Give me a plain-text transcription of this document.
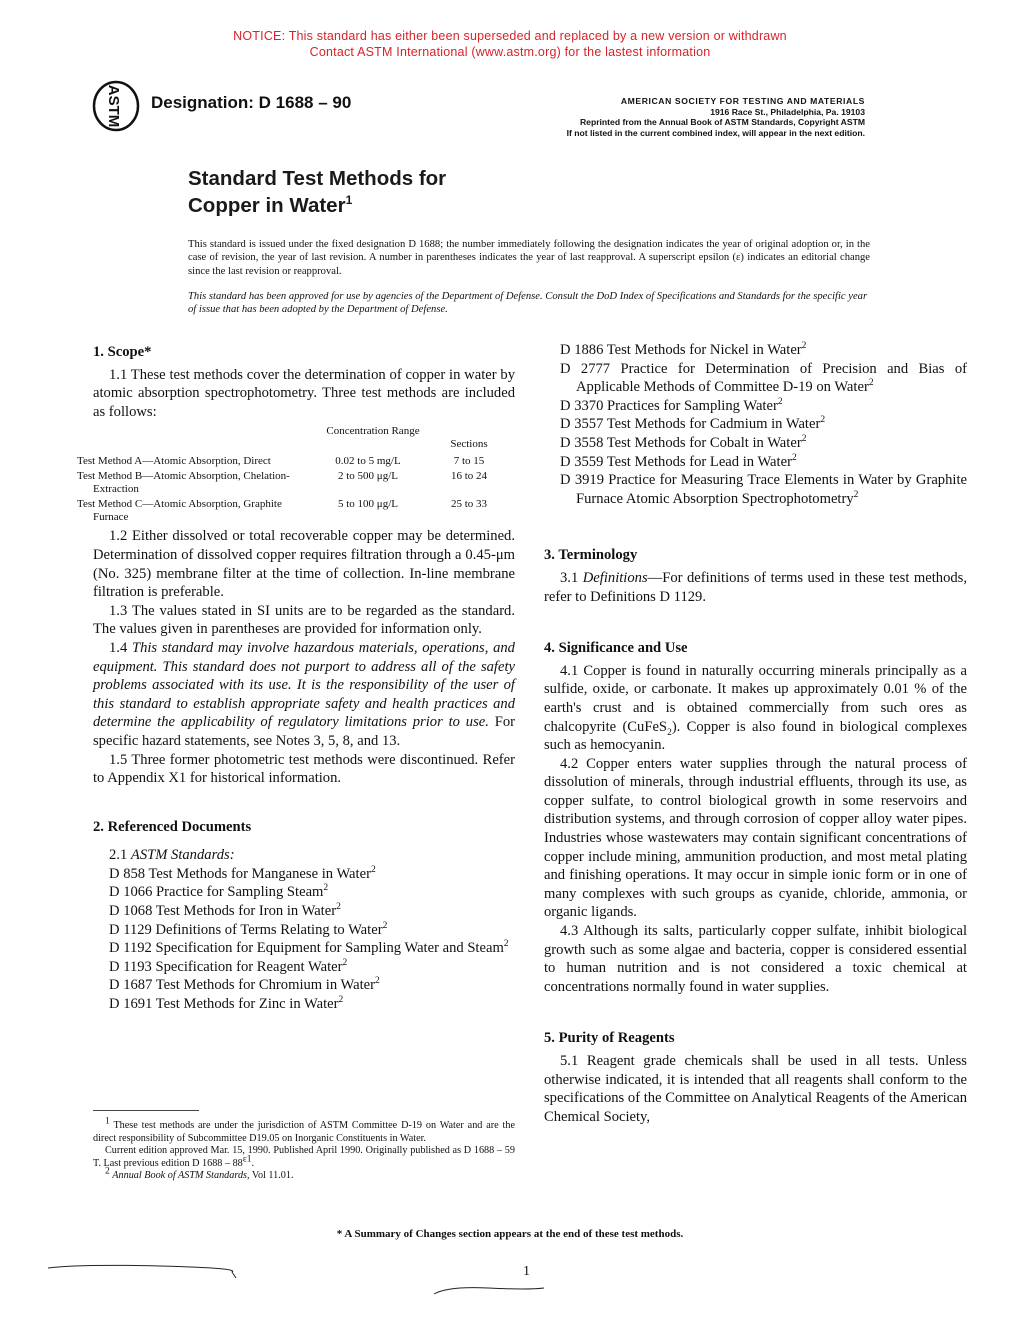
NOTICE: This standard has either been superseded and replaced by a new version or withdrawn
Contact ASTM International (www.astm.org) for the lastest information
ASTM Designation: D 1688 – 90	AMERICAN SOCIETY FOR TESTING AND MATERIALS
1916 Race St., Philadelphia, Pa. 19103
Reprinted from the Annual Book of ASTM Standards, Copyright ASTM
If not listed in the current combined index, will appear in the next edition.
Standard Test Methods for
Copper in Water$^1$
This standard is issued under the fixed designation D 1688; the number immediately following the designation indicates the year of original adoption or, in the case of revision, the year of last revision. A number in parentheses indicates the year of last reapproval. A superscript epsilon (ε) indicates an editorial change since the last revision or reapproval.
This standard has been approved for use by agencies of the Department of Defense. Consult the DoD Index of Specifications and Standards for the specific year of issue that has been adopted by the Department of Defense.
1. Scope*

1.1 These test methods cover the determination of copper in water by atomic absorption spectrophotometry. Three test methods are included as follows:

	Concentration Range	Sections
Test Method A—Atomic Absorption, Direct	0.02 to 5 mg/L	7 to 15
Test Method B—Atomic Absorption, Chelation-Extraction	2 to 500 μg/L	16 to 24
Test Method C—Atomic Absorption, Graphite Furnace	5 to 100 μg/L	25 to 33

1.2 Either dissolved or total recoverable copper may be determined. Determination of dissolved copper requires filtration through a 0.45-μm (No. 325) membrane filter at the time of collection. In-line membrane filtration is preferable.

1.3 The values stated in SI units are to be regarded as the standard. The values given in parentheses are provided for information only.

1.4 This standard may involve hazardous materials, operations, and equipment. This standard does not purport to address all of the safety problems associated with its use. It is the responsibility of the user of this standard to establish appropriate safety and health practices and determine the applicability of regulatory limitations prior to use. For specific hazard statements, see Notes 3, 5, 8, and 13.

1.5 Three former photometric test methods were discontinued. Refer to Appendix X1 for historical information.

2. Referenced Documents

2.1 ASTM Standards:

D 858 Test Methods for Manganese in Water$^2$

D 1066 Practice for Sampling Steam$^2$

D 1068 Test Methods for Iron in Water$^2$

D 1129 Definitions of Terms Relating to Water$^2$

D 1192 Specification for Equipment for Sampling Water and Steam$^2$

D 1193 Specification for Reagent Water$^2$

D 1687 Test Methods for Chromium in Water$^2$

D 1691 Test Methods for Zinc in Water$^2$

$^1$ These test methods are under the jurisdiction of ASTM Committee D-19 on Water and are the direct responsibility of Subcommittee D19.05 on Inorganic Constituents in Water.

Current edition approved Mar. 15, 1990. Published April 1990. Originally published as D 1688 – 59 T. Last previous edition D $1688 - 88^{\varepsilon 1}$.

$^2$ Annual Book of ASTM Standards, Vol 11.01.

D 1886 Test Methods for Nickel in Water$^2$

D 2777 Practice for Determination of Precision and Bias of Applicable Methods of Committee D-19 on Water$^2$

D 3370 Practices for Sampling Water$^2$

D 3557 Test Methods for Cadmium in Water$^2$

D 3558 Test Methods for Cobalt in Water$^2$

D 3559 Test Methods for Lead in Water$^2$

D 3919 Practice for Measuring Trace Elements in Water by Graphite Furnace Atomic Absorption Spectrophotometry$^2$

3. Terminology

3.1 Definitions—For definitions of terms used in these test methods, refer to Definitions D 1129.

4. Significance and Use

4.1 Copper is found in naturally occurring minerals principally as a sulfide, oxide, or carbonate. It makes up approximately 0.01 % of the earth's crust and is obtained commercially from such ores as chalcopyrite (CuFeS$_2$). Copper is also found in biological complexes such as hemocyanin.

4.2 Copper enters water supplies through the natural process of dissolution of minerals, through industrial effluents, through its use, as copper sulfate, to control biological growth in some reservoirs and distribution systems, and through corrosion of copper alloy water pipes. Industries whose wastewaters may contain significant concentrations of copper include mining, ammunition production, and most metal plating and finishing operations. It may occur in simple ionic form or in one of many complexes with such groups as cyanide, chloride, ammonia, or organic ligands.

4.3 Although its salts, particularly copper sulfate, inhibit biological growth such as some algae and bacteria, copper is considered essential to human nutrition and is not considered a toxic chemical at concentrations normally found in water supplies.

5. Purity of Reagents

5.1 Reagent grade chemicals shall be used in all tests. Unless otherwise indicated, it is intended that all reagents shall conform to the specifications of the Committee on Analytical Reagents of the American Chemical Society,

* A Summary of Changes section appears at the end of these test methods.
1
